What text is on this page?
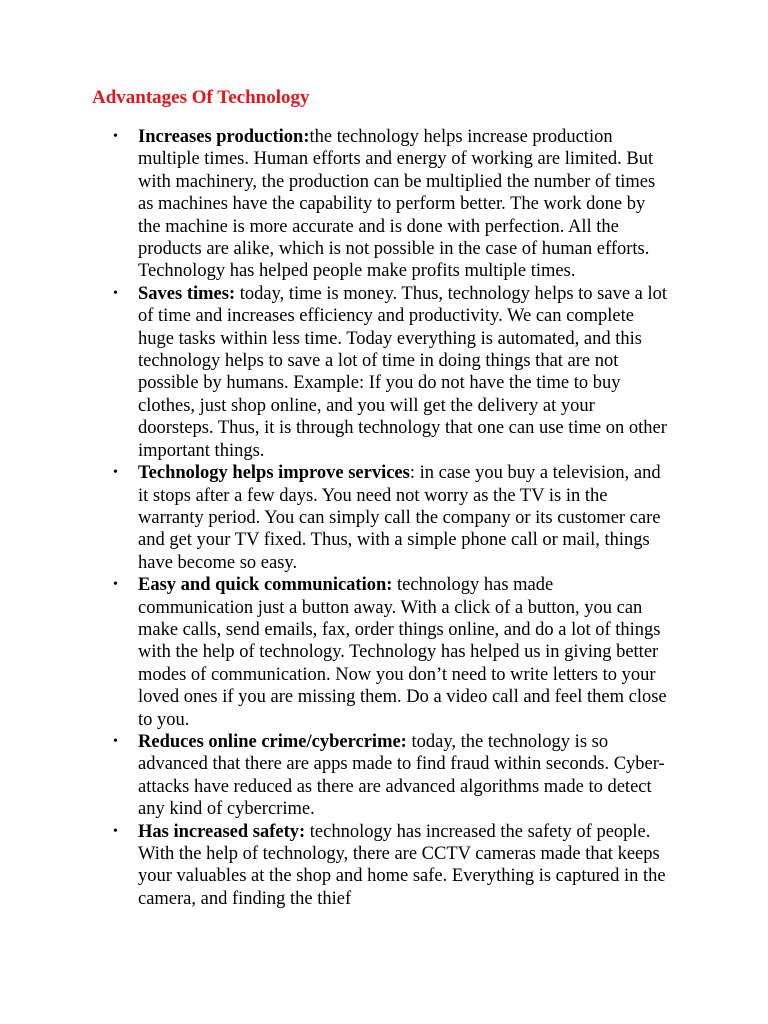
Advantages Of Technology
• Increases production:the technology helps increase production multiple times. Human efforts and energy of working are limited. But with machinery, the production can be multiplied the number of times as machines have the capability to perform better. The work done by the machine is more accurate and is done with perfection. All the products are alike, which is not possible in the case of human efforts. Technology has helped people make profits multiple times.
• Saves times: today, time is money. Thus, technology helps to save a lot of time and increases efficiency and productivity. We can complete huge tasks within less time. Today everything is automated, and this technology helps to save a lot of time in doing things that are not possible by humans. Example: If you do not have the time to buy clothes, just shop online, and you will get the delivery at your doorsteps. Thus, it is through technology that one can use time on other important things.
• Technology helps improve services: in case you buy a television, and it stops after a few days. You need not worry as the TV is in the warranty period. You can simply call the company or its customer care and get your TV fixed. Thus, with a simple phone call or mail, things have become so easy.
• Easy and quick communication: technology has made communication just a button away. With a click of a button, you can make calls, send emails, fax, order things online, and do a lot of things with the help of technology. Technology has helped us in giving better modes of communication. Now you don’t need to write letters to your loved ones if you are missing them. Do a video call and feel them close to you.
• Reduces online crime/cybercrime: today, the technology is so advanced that there are apps made to find fraud within seconds. Cyber-attacks have reduced as there are advanced algorithms made to detect any kind of cybercrime.
• Has increased safety: technology has increased the safety of people. With the help of technology, there are CCTV cameras made that keeps your valuables at the shop and home safe. Everything is captured in the camera, and finding the thief
